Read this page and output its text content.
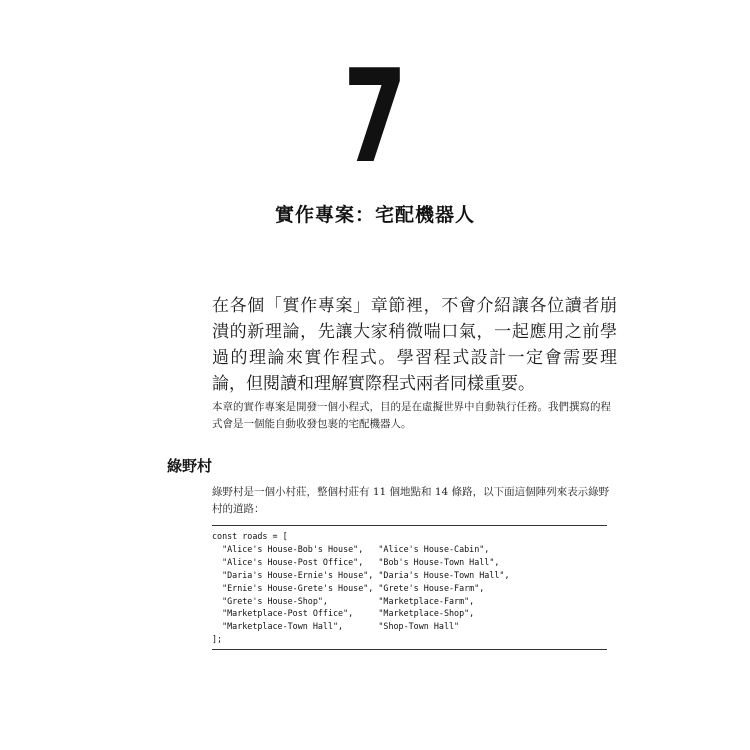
7
實作專案：宅配機器人

在各個「實作專案」章節裡，不會介紹讓各位讀者崩潰的新理論，先讓大家稍微喘口氣，一起應用之前學過的理論來實作程式。學習程式設計一定會需要理論，但閱讀和理解實際程式兩者同樣重要。

本章的實作專案是開發一個小程式，目的是在虛擬世界中自動執行任務。我們撰寫的程式會是一個能自動收發包裹的宅配機器人。

綠野村

綠野村是一個小村莊，整個村莊有 11 個地點和 14 條路，以下面這個陣列來表示綠野村的道路：

const roads = [
"Alice's House-Bob's House",   "Alice's House-Cabin",
"Alice's House-Post Office",   "Bob's House-Town Hall",
"Daria's House-Ernie's House", "Daria's House-Town Hall",
"Ernie's House-Grete's House", "Grete's House-Farm",
"Grete's House-Shop",          "Marketplace-Farm",
"Marketplace-Post Office",     "Marketplace-Shop",
"Marketplace-Town Hall",       "Shop-Town Hall"
];
